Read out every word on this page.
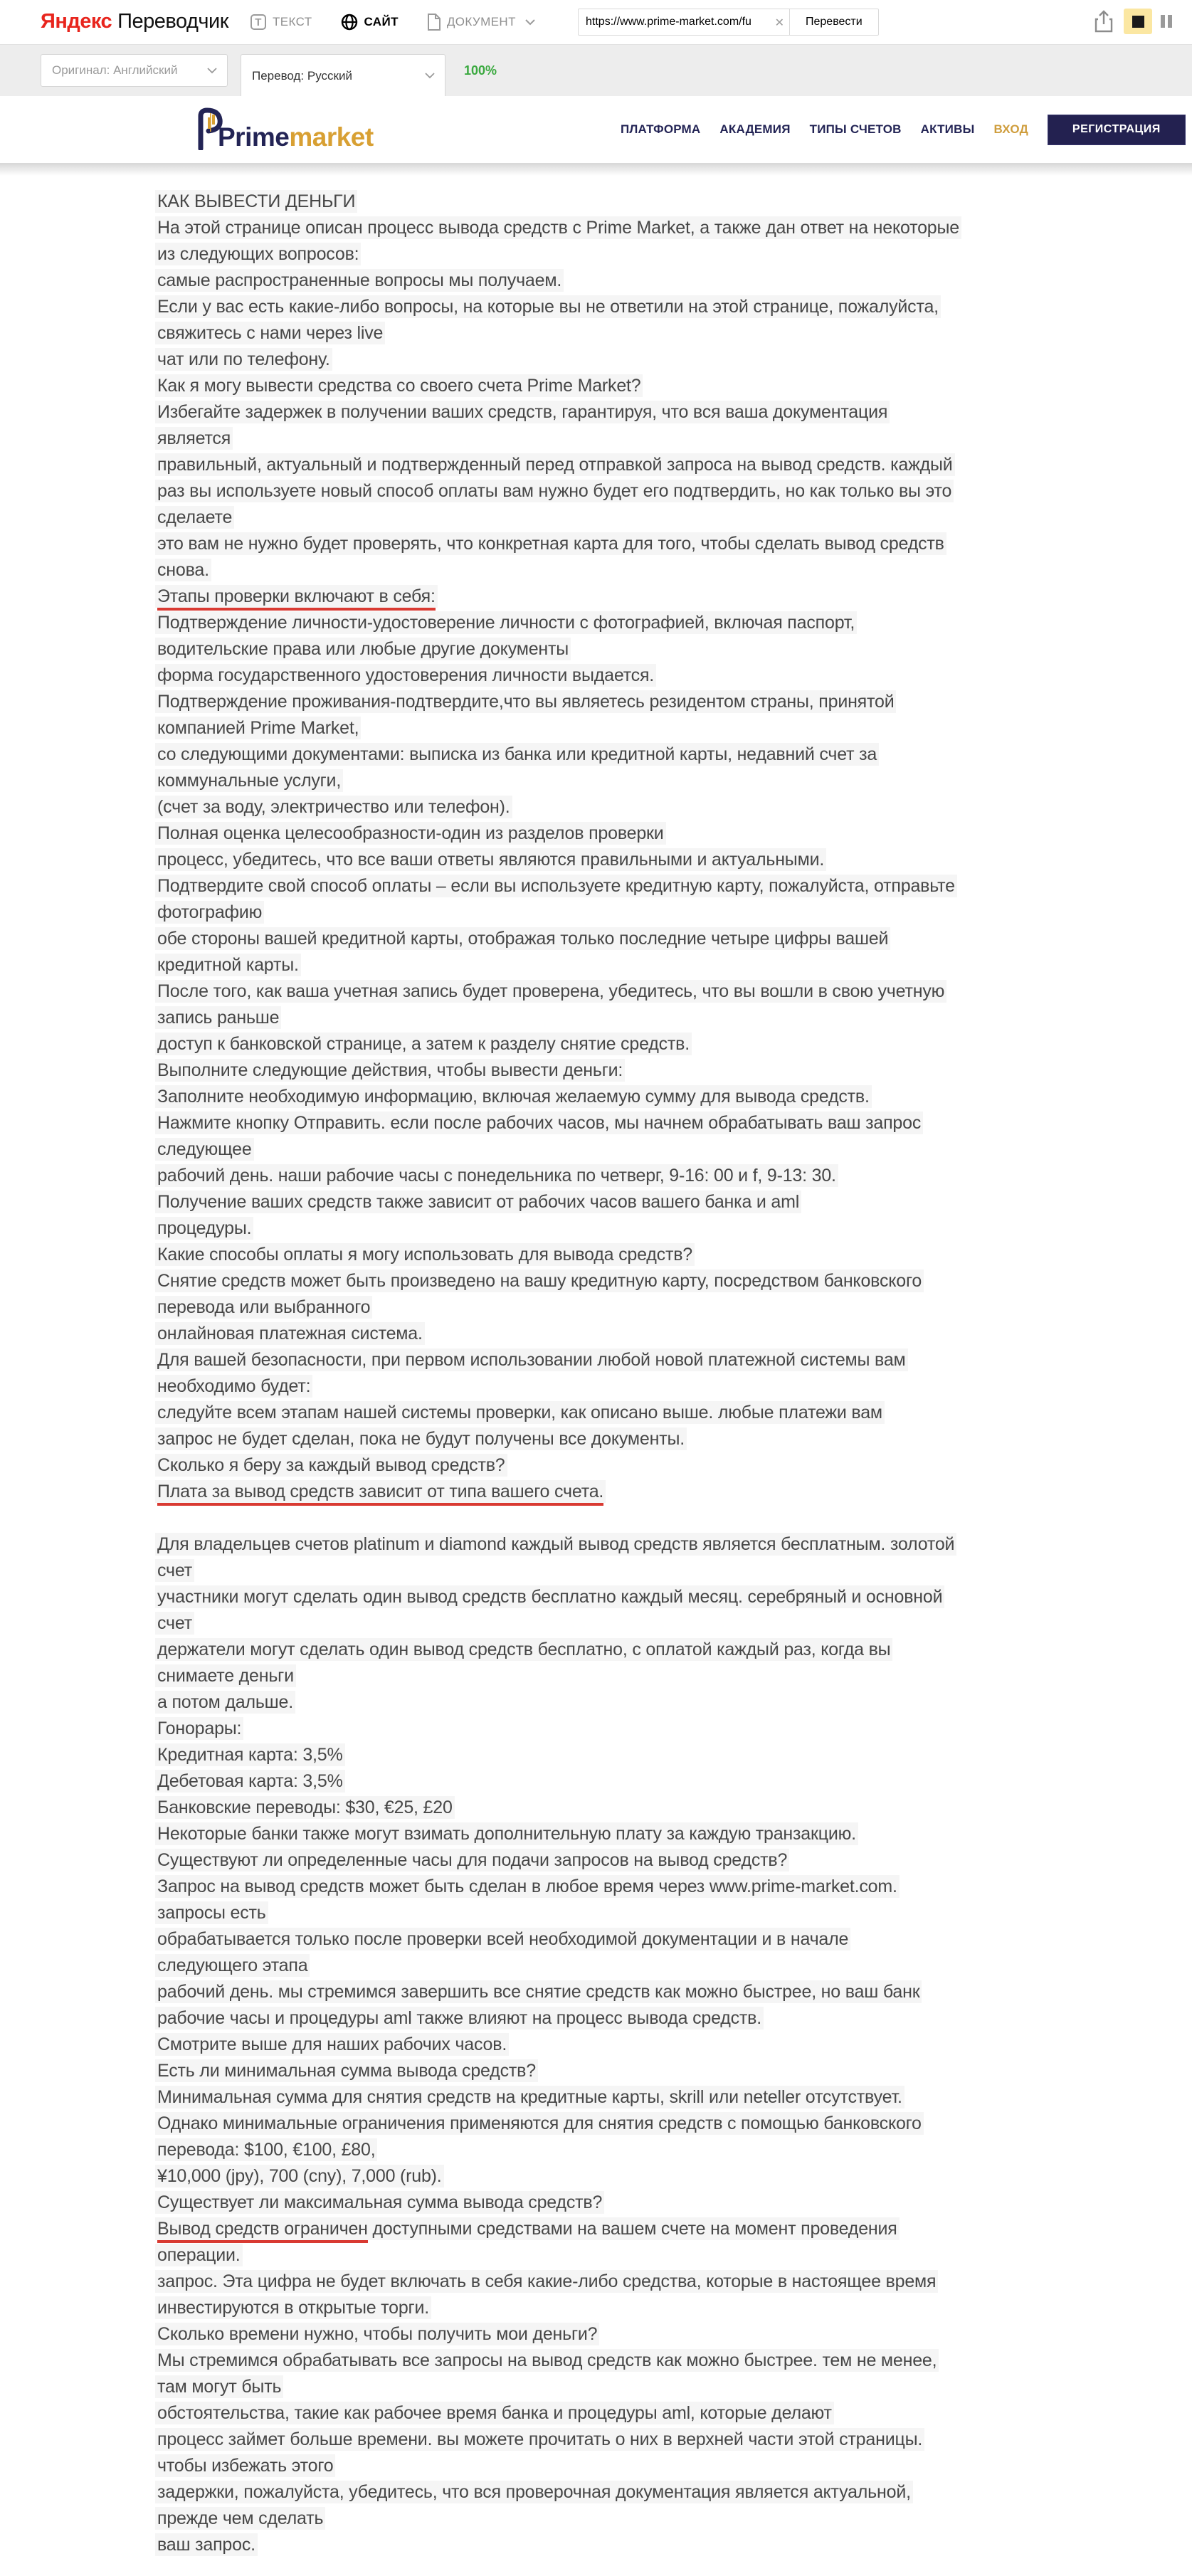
Яндекс Переводчик	T ТЕКСТ	САЙТ	ДОКУМЕНТ
https://www.prime-market.com/fu	✕	Перевести
Оригинал: Английский	Перевод: Русский	100%
Primemarket	ПЛАТФОРМА АКАДЕМИЯ ТИПЫ СЧЕТОВ АКТИВЫ ВХОД	РЕГИСТРАЦИЯ
КАК ВЫВЕСТИ ДЕНЬГИ
На этой странице описан процесс вывода средств с Prime Market, а также дан ответ на некоторые
из следующих вопросов:
самые распространенные вопросы мы получаем.
Если у вас есть какие-либо вопросы, на которые вы не ответили на этой странице, пожалуйста,
свяжитесь с нами через live
чат или по телефону.
Как я могу вывести средства со своего счета Prime Market?
Избегайте задержек в получении ваших средств, гарантируя, что вся ваша документация
является
правильный, актуальный и подтвержденный перед отправкой запроса на вывод средств. каждый
раз вы используете новый способ оплаты вам нужно будет его подтвердить, но как только вы это
сделаете
это вам не нужно будет проверять, что конкретная карта для того, чтобы сделать вывод средств
снова.
Этапы проверки включают в себя:
Подтверждение личности-удостоверение личности с фотографией, включая паспорт,
водительские права или любые другие документы
форма государственного удостоверения личности выдается.
Подтверждение проживания-подтвердите,что вы являетесь резидентом страны, принятой
компанией Prime Market,
со следующими документами: выписка из банка или кредитной карты, недавний счет за
коммунальные услуги,
(счет за воду, электричество или телефон).
Полная оценка целесообразности-один из разделов проверки
процесс, убедитесь, что все ваши ответы являются правильными и актуальными.
Подтвердите свой способ оплаты – если вы используете кредитную карту, пожалуйста, отправьте
фотографию
обе стороны вашей кредитной карты, отображая только последние четыре цифры вашей
кредитной карты.
После того, как ваша учетная запись будет проверена, убедитесь, что вы вошли в свою учетную
запись раньше
доступ к банковской странице, а затем к разделу снятие средств.
Выполните следующие действия, чтобы вывести деньги:
Заполните необходимую информацию, включая желаемую сумму для вывода средств.
Нажмите кнопку Отправить. если после рабочих часов, мы начнем обрабатывать ваш запрос
следующее
рабочий день. наши рабочие часы с понедельника по четверг, 9-16: 00 и f, 9-13: 30.
Получение ваших средств также зависит от рабочих часов вашего банка и aml
процедуры.
Какие способы оплаты я могу использовать для вывода средств?
Снятие средств может быть произведено на вашу кредитную карту, посредством банковского
перевода или выбранного
онлайновая платежная система.
Для вашей безопасности, при первом использовании любой новой платежной системы вам
необходимо будет:
следуйте всем этапам нашей системы проверки, как описано выше. любые платежи вам
запрос не будет сделан, пока не будут получены все документы.
Сколько я беру за каждый вывод средств?
Плата за вывод средств зависит от типа вашего счета.
Для владельцев счетов platinum и diamond каждый вывод средств является бесплатным. золотой
счет
участники могут сделать один вывод средств бесплатно каждый месяц. серебряный и основной
счет
держатели могут сделать один вывод средств бесплатно, с оплатой каждый раз, когда вы
снимаете деньги
а потом дальше.
Гонорары:
Кредитная карта: 3,5%
Дебетовая карта: 3,5%
Банковские переводы: $30, €25, £20
Некоторые банки также могут взимать дополнительную плату за каждую транзакцию.
Существуют ли определенные часы для подачи запросов на вывод средств?
Запрос на вывод средств может быть сделан в любое время через www.prime-market.com.
запросы есть
обрабатывается только после проверки всей необходимой документации и в начале
следующего этапа
рабочий день. мы стремимся завершить все снятие средств как можно быстрее, но ваш банк
рабочие часы и процедуры aml также влияют на процесс вывода средств.
Смотрите выше для наших рабочих часов.
Есть ли минимальная сумма вывода средств?
Минимальная сумма для снятия средств на кредитные карты, skrill или neteller отсутствует.
Однако минимальные ограничения применяются для снятия средств с помощью банковского
перевода: $100, €100, £80,
¥10,000 (jpy), 700 (cny), 7,000 (rub).
Существует ли максимальная сумма вывода средств?
Вывод средств ограничен доступными средствами на вашем счете на момент проведения
операции.
запрос. Эта цифра не будет включать в себя какие-либо средства, которые в настоящее время
инвестируются в открытые торги.
Сколько времени нужно, чтобы получить мои деньги?
Мы стремимся обрабатывать все запросы на вывод средств как можно быстрее. тем не менее,
там могут быть
обстоятельства, такие как рабочее время банка и процедуры aml, которые делают
процесс займет больше времени. вы можете прочитать о них в верхней части этой страницы.
чтобы избежать этого
задержки, пожалуйста, убедитесь, что вся проверочная документация является актуальной,
прежде чем сделать
ваш запрос.
